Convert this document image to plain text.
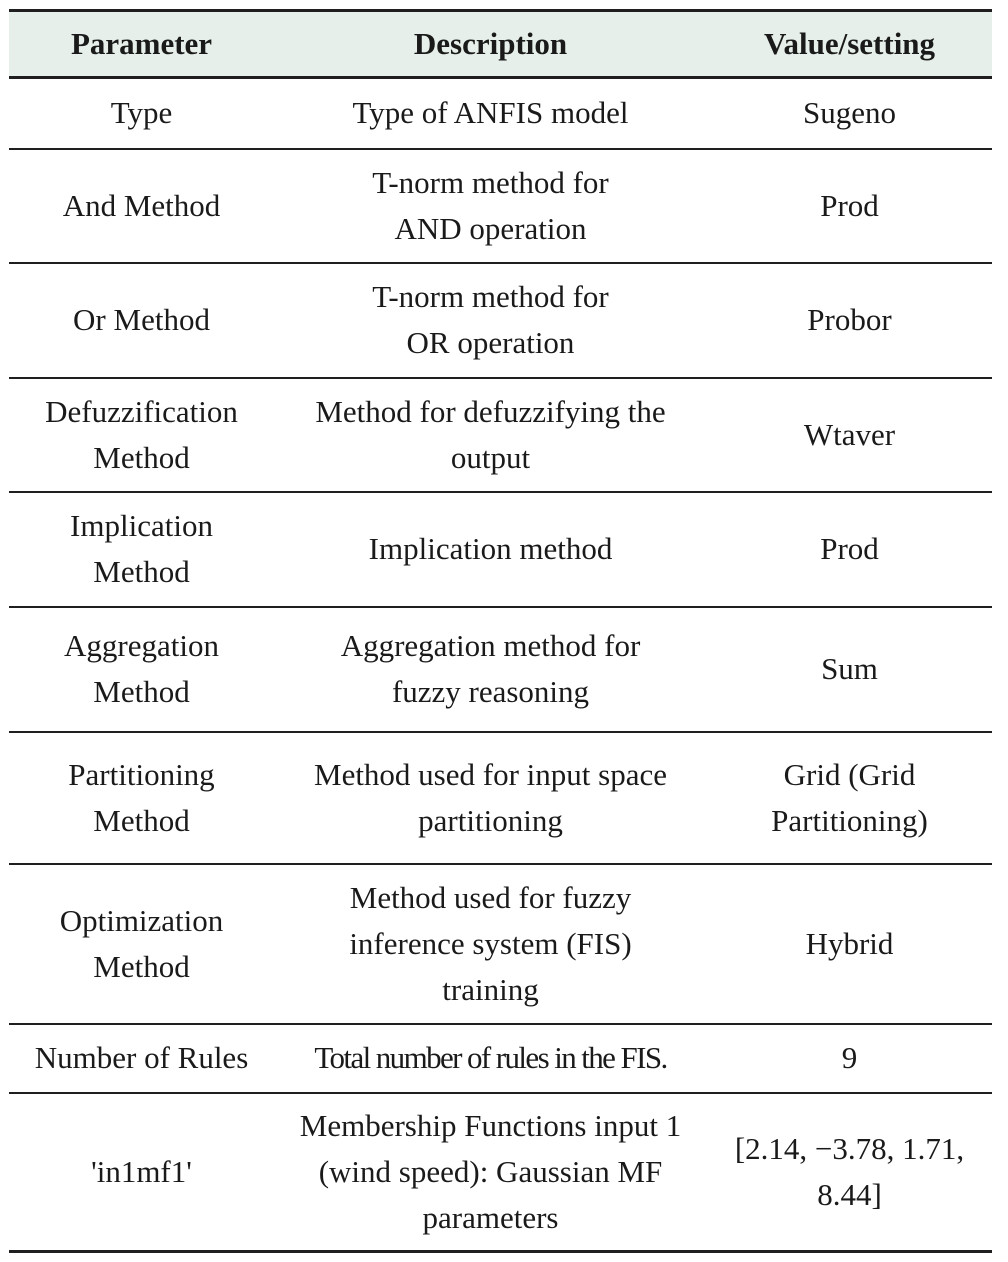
Parameter	Description	Value/setting
Type	Type of ANFIS model	Sugeno
And Method	T-norm method for AND operation	Prod
Or Method	T-norm method for OR operation	Probor
Defuzzification Method	Method for defuzzifying the output	Wtaver
Implication Method	Implication method	Prod
Aggregation Method	Aggregation method for fuzzy reasoning	Sum
Partitioning Method	Method used for input space partitioning	Grid (Grid Partitioning)
Optimization Method	Method used for fuzzy inference system (FIS) training	Hybrid
Number of Rules	Total number of rules in the FIS.	9
'in1mf1'	Membership Functions input 1 (wind speed): Gaussian MF parameters	[2.14, −3.78, 1.71, 8.44]
